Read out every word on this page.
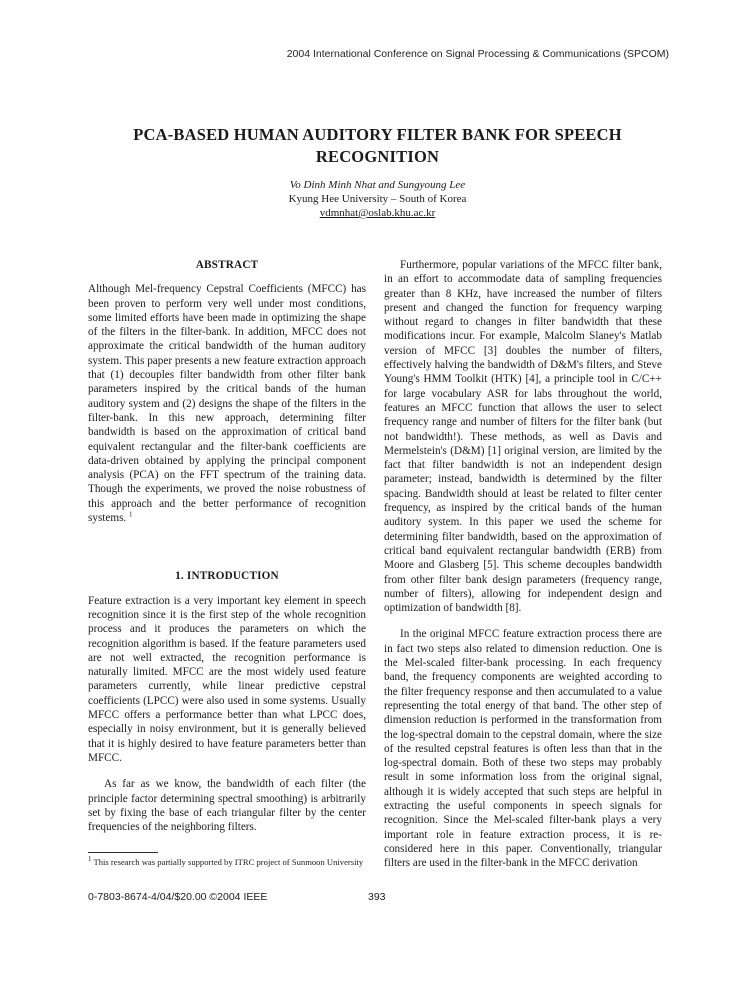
2004 International Conference on Signal Processing & Communications (SPCOM)
PCA-BASED HUMAN AUDITORY FILTER BANK FOR SPEECH
RECOGNITION
Vo Dinh Minh Nhat and Sungyoung Lee
Kyung Hee University – South of Korea
vdmnhat@oslab.khu.ac.kr
ABSTRACT

Although Mel-frequency Cepstral Coefficients (MFCC) has been proven to perform very well under most conditions, some limited efforts have been made in optimizing the shape of the filters in the filter-bank. In addition, MFCC does not approximate the critical bandwidth of the human auditory system. This paper presents a new feature extraction approach that (1) decouples filter bandwidth from other filter bank parameters inspired by the critical bands of the human auditory system and (2) designs the shape of the filters in the filter-bank. In this new approach, determining filter bandwidth is based on the approximation of critical band equivalent rectangular and the filter-bank coefficients are data-driven obtained by applying the principal component analysis (PCA) on the FFT spectrum of the training data. Though the experiments, we proved the noise robustness of this approach and the better performance of recognition systems. $^1$

1. INTRODUCTION

Feature extraction is a very important key element in speech recognition since it is the first step of the whole recognition process and it produces the parameters on which the recognition algorithm is based. If the feature parameters used are not well extracted, the recognition performance is naturally limited. MFCC are the most widely used feature parameters currently, while linear predictive cepstral coefficients (LPCC) were also used in some systems. Usually MFCC offers a performance better than what LPCC does, especially in noisy environment, but it is generally believed that it is highly desired to have feature parameters better than MFCC.

As far as we know, the bandwidth of each filter (the principle factor determining spectral smoothing) is arbitrarily set by fixing the base of each triangular filter by the center frequencies of the neighboring filters.

$^1$ This research was partially supported by ITRC project of Sunmoon University

Furthermore, popular variations of the MFCC filter bank, in an effort to accommodate data of sampling frequencies greater than 8 KHz, have increased the number of filters present and changed the function for frequency warping without regard to changes in filter bandwidth that these modifications incur. For example, Malcolm Slaney's Matlab version of MFCC [3] doubles the number of filters, effectively halving the bandwidth of D&M's filters, and Steve Young's HMM Toolkit (HTK) [4], a principle tool in C/C++ for large vocabulary ASR for labs throughout the world, features an MFCC function that allows the user to select frequency range and number of filters for the filter bank (but not bandwidth!). These methods, as well as Davis and Mermelstein's (D&M) [1] original version, are limited by the fact that filter bandwidth is not an independent design parameter; instead, bandwidth is determined by the filter spacing. Bandwidth should at least be related to filter center frequency, as inspired by the critical bands of the human auditory system. In this paper we used the scheme for determining filter bandwidth, based on the approximation of critical band equivalent rectangular bandwidth (ERB) from Moore and Glasberg [5]. This scheme decouples bandwidth from other filter bank design parameters (frequency range, number of filters), allowing for independent design and optimization of bandwidth [8].

In the original MFCC feature extraction process there are in fact two steps also related to dimension reduction. One is the Mel-scaled filter-bank processing. In each frequency band, the frequency components are weighted according to the filter frequency response and then accumulated to a value representing the total energy of that band. The other step of dimension reduction is performed in the transformation from the log-spectral domain to the cepstral domain, where the size of the resulted cepstral features is often less than that in the log-spectral domain. Both of these two steps may probably result in some information loss from the original signal, although it is widely accepted that such steps are helpful in extracting the useful components in speech signals for recognition. Since the Mel-scaled filter-bank plays a very important role in feature extraction process, it is re-considered here in this paper. Conventionally, triangular filters are used in the filter-bank in the MFCC derivation

0-7803-8674-4/04/$20.00 ©2004 IEEE	393
